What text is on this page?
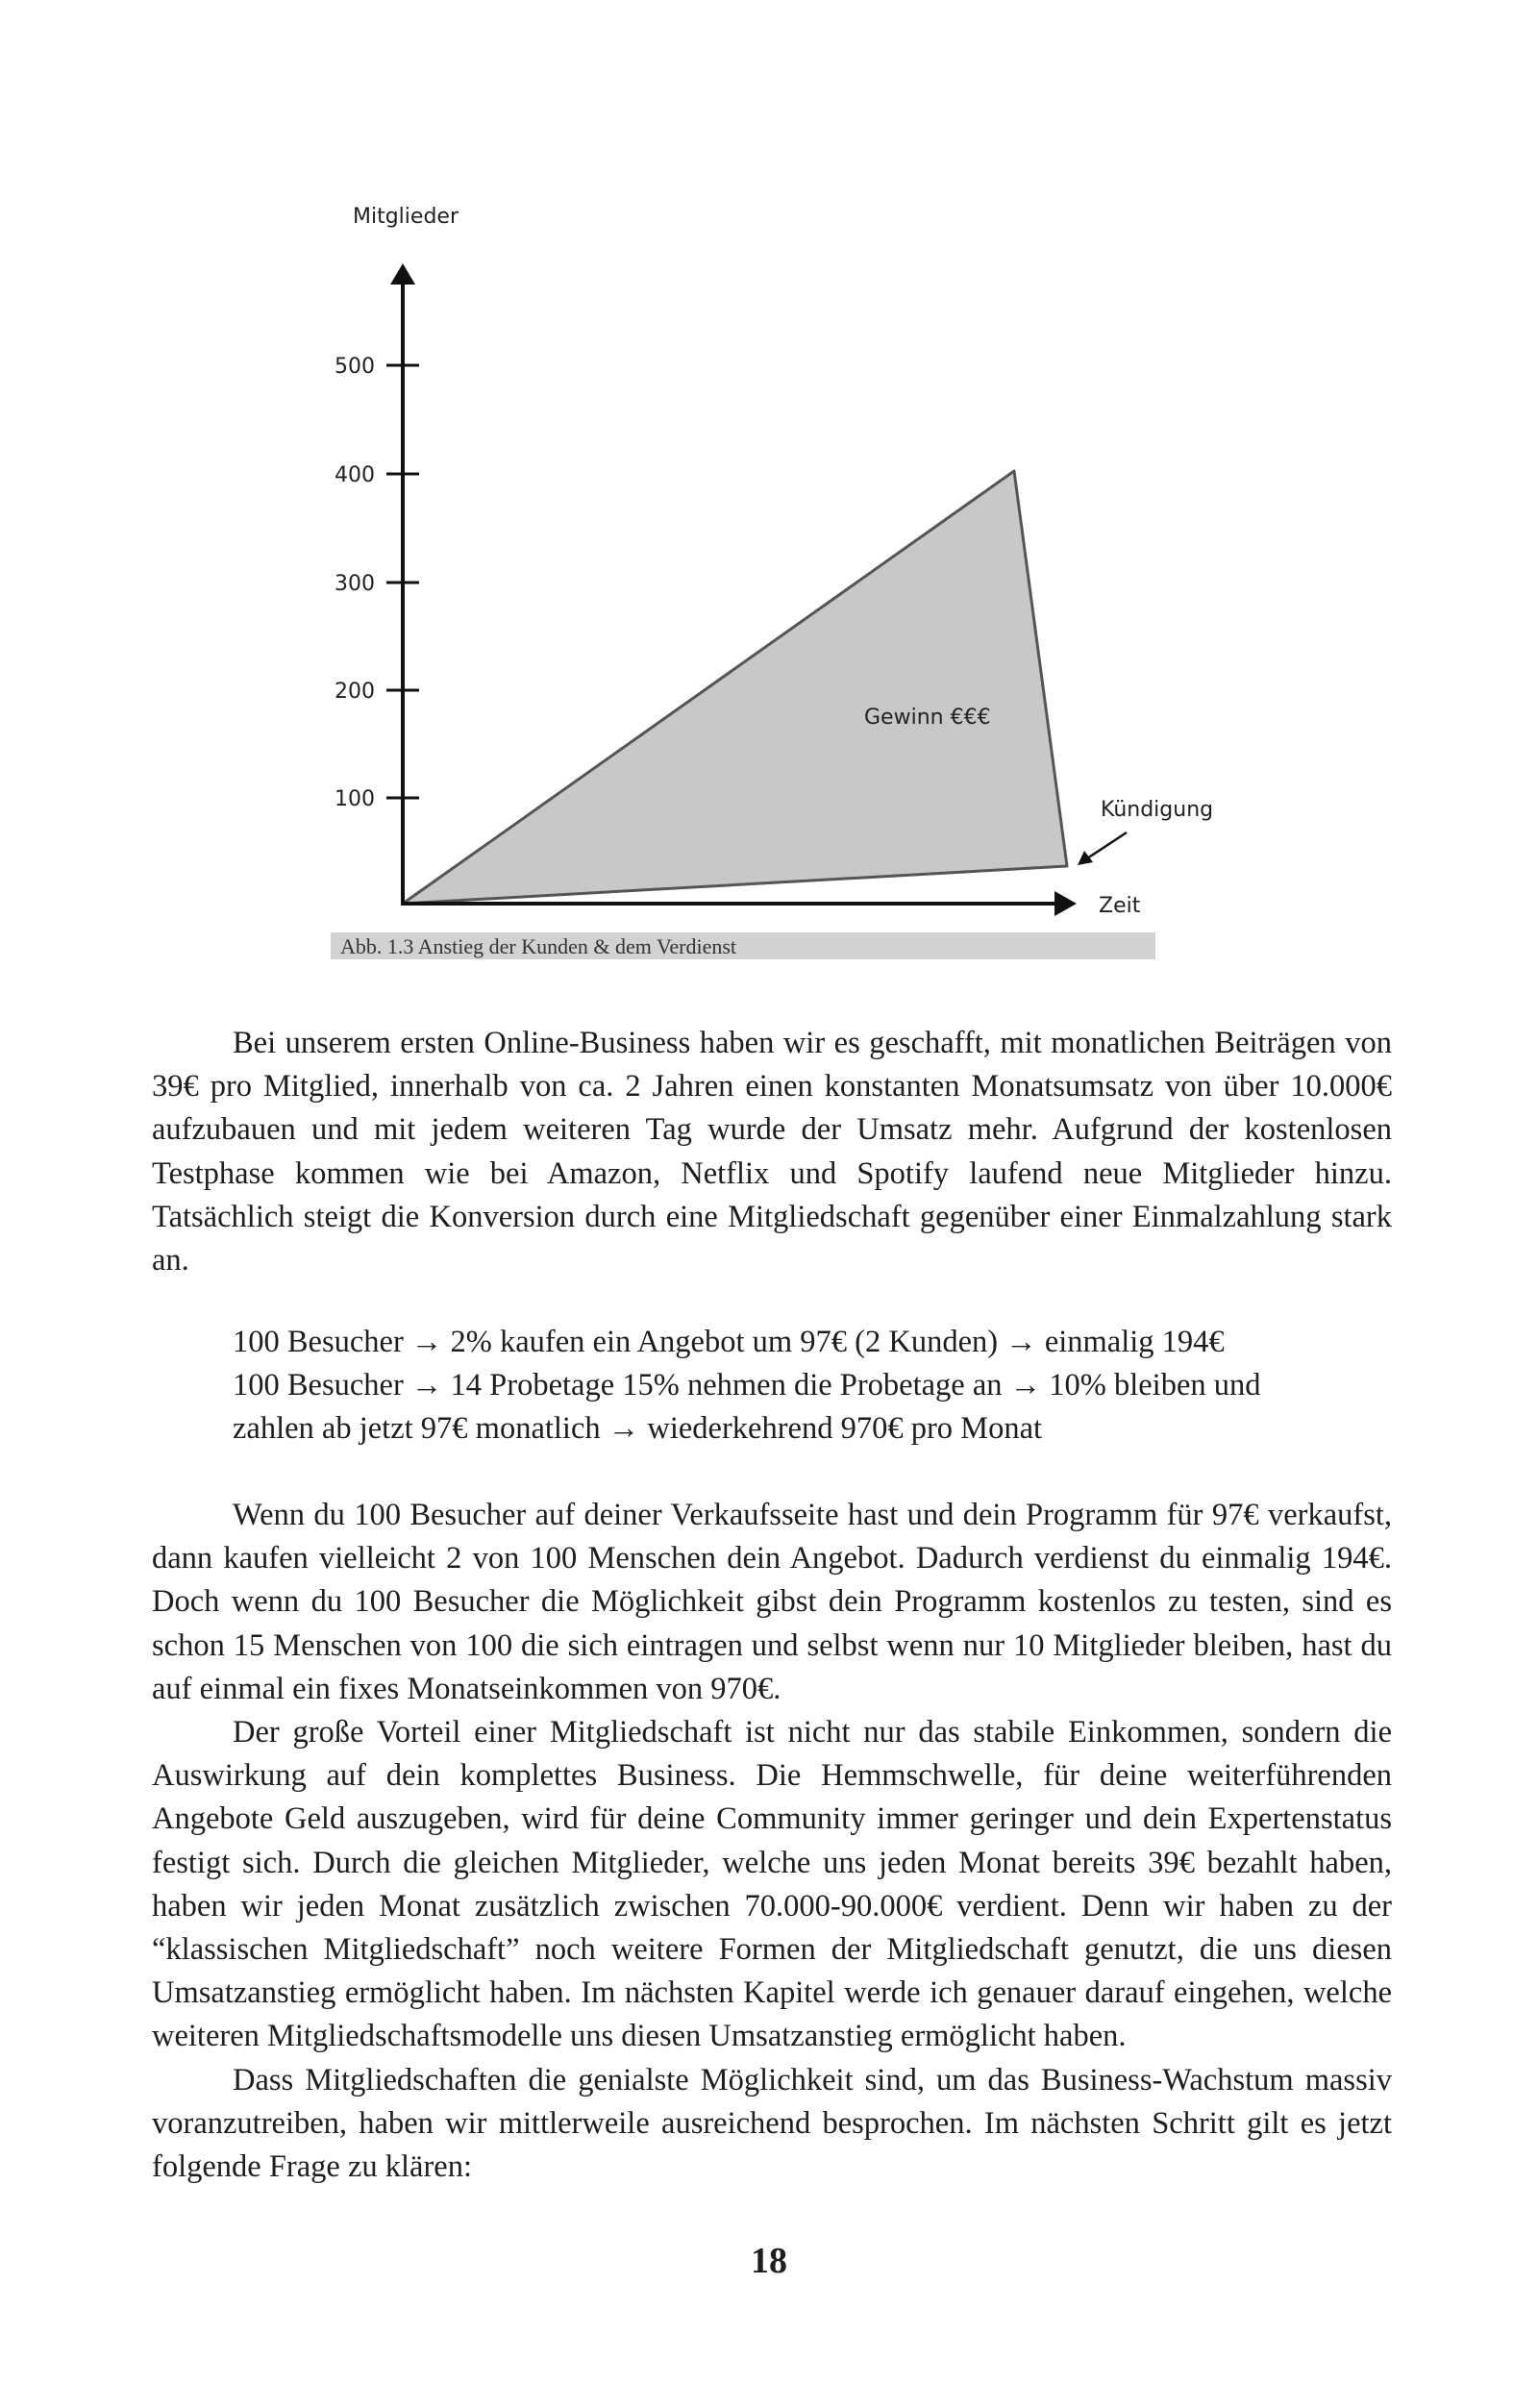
500
400
300
200
100
Mitglieder
Zeit
Gewinn €€€
Kündigung
Abb. 1.3 Anstieg der Kunden & dem Verdienst

Bei unserem ersten Online-Business haben wir es geschafft, mit monatlichen Beiträgen von 39€ pro Mitglied, innerhalb von ca. 2 Jahren einen konstanten Monatsumsatz von über 10.000€ aufzubauen und mit jedem weiteren Tag wurde der Umsatz mehr. Aufgrund der kostenlosen Testphase kommen wie bei Amazon, Netflix und Spotify laufend neue Mitglieder hinzu. Tatsächlich steigt die Konversion durch eine Mitgliedschaft gegenüber einer Einmalzahlung stark an.

100 Besucher → 2% kaufen ein Angebot um 97€ (2 Kunden) → einmalig 194€
100 Besucher → 14 Probetage 15% nehmen die Probetage an → 10% bleiben und
zahlen ab jetzt 97€ monatlich → wiederkehrend 970€ pro Monat

Wenn du 100 Besucher auf deiner Verkaufsseite hast und dein Programm für 97€ verkaufst, dann kaufen vielleicht 2 von 100 Menschen dein Angebot. Dadurch verdienst du einmalig 194€. Doch wenn du 100 Besucher die Möglichkeit gibst dein Programm kostenlos zu testen, sind es schon 15 Menschen von 100 die sich eintragen und selbst wenn nur 10 Mitglieder bleiben, hast du auf einmal ein fixes Monatseinkommen von 970€.

Der große Vorteil einer Mitgliedschaft ist nicht nur das stabile Einkommen, sondern die Auswirkung auf dein komplettes Business. Die Hemmschwelle, für deine weiterführenden Angebote Geld auszugeben, wird für deine Community immer geringer und dein Expertenstatus festigt sich. Durch die gleichen Mitglieder, welche uns jeden Monat bereits 39€ bezahlt haben, haben wir jeden Monat zusätzlich zwischen 70.000-90.000€ verdient. Denn wir haben zu der “klassischen Mitgliedschaft” noch weitere Formen der Mitgliedschaft genutzt, die uns diesen Umsatzanstieg ermöglicht haben. Im nächsten Kapitel werde ich genauer darauf eingehen, welche weiteren Mitgliedschaftsmodelle uns diesen Umsatzanstieg ermöglicht haben.

Dass Mitgliedschaften die genialste Möglichkeit sind, um das Business-Wachstum massiv voranzutreiben, haben wir mittlerweile ausreichend besprochen. Im nächsten Schritt gilt es jetzt folgende Frage zu klären:

18
